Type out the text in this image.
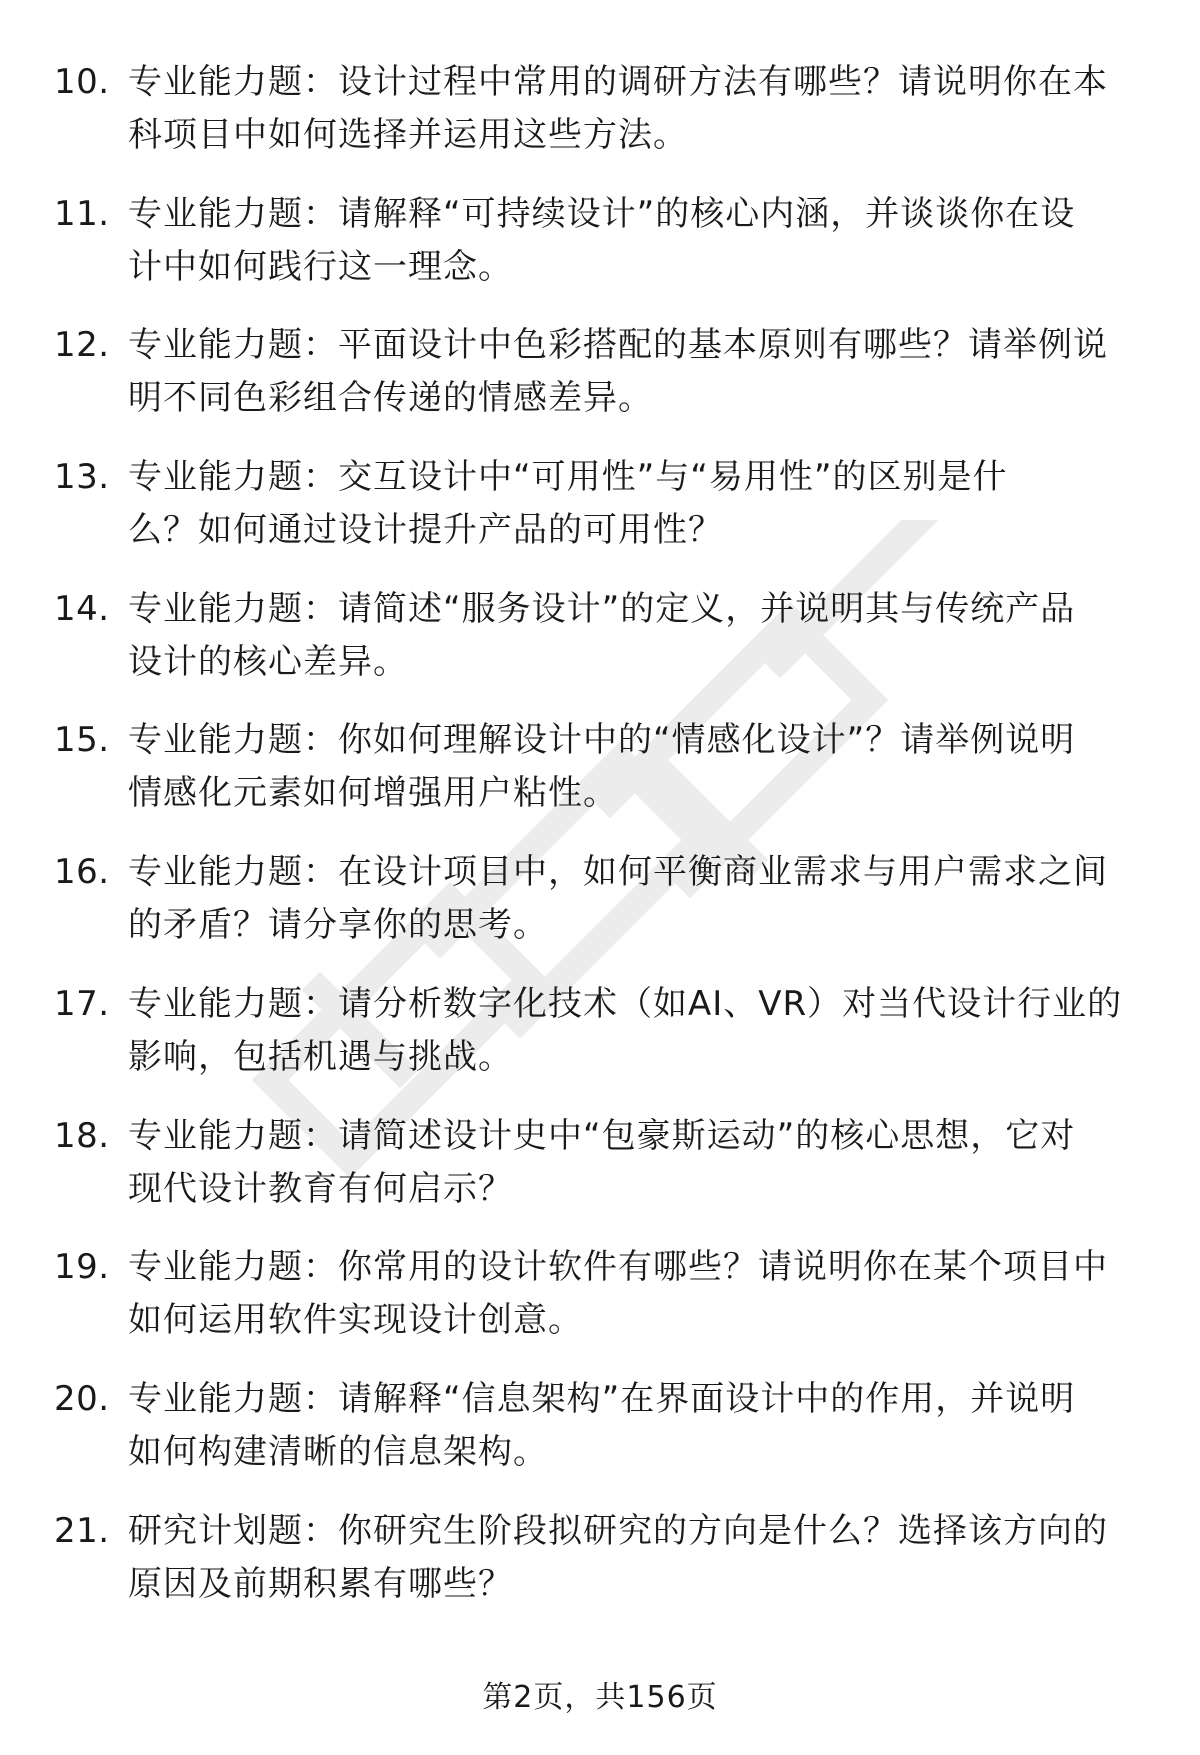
10. 专业能力题：设计过程中常用的调研方法有哪些？请说明你在本
科项目中如何选择并运用这些方法。
11. 专业能力题：请解释“可持续设计”的核心内涵，并谈谈你在设
计中如何践行这一理念。
12. 专业能力题：平面设计中色彩搭配的基本原则有哪些？请举例说
明不同色彩组合传递的情感差异。
13. 专业能力题：交互设计中“可用性”与“易用性”的区别是什
么？如何通过设计提升产品的可用性？
14. 专业能力题：请简述“服务设计”的定义，并说明其与传统产品
设计的核心差异。
15. 专业能力题：你如何理解设计中的“情感化设计”？请举例说明
情感化元素如何增强用户粘性。
16. 专业能力题：在设计项目中，如何平衡商业需求与用户需求之间
的矛盾？请分享你的思考。
17. 专业能力题：请分析数字化技术（如AI、VR）对当代设计行业的
影响，包括机遇与挑战。
18. 专业能力题：请简述设计史中“包豪斯运动”的核心思想，它对
现代设计教育有何启示？
19. 专业能力题：你常用的设计软件有哪些？请说明你在某个项目中
如何运用软件实现设计创意。
20. 专业能力题：请解释“信息架构”在界面设计中的作用，并说明
如何构建清晰的信息架构。
21. 研究计划题：你研究生阶段拟研究的方向是什么？选择该方向的
原因及前期积累有哪些？
第2页，共156页
